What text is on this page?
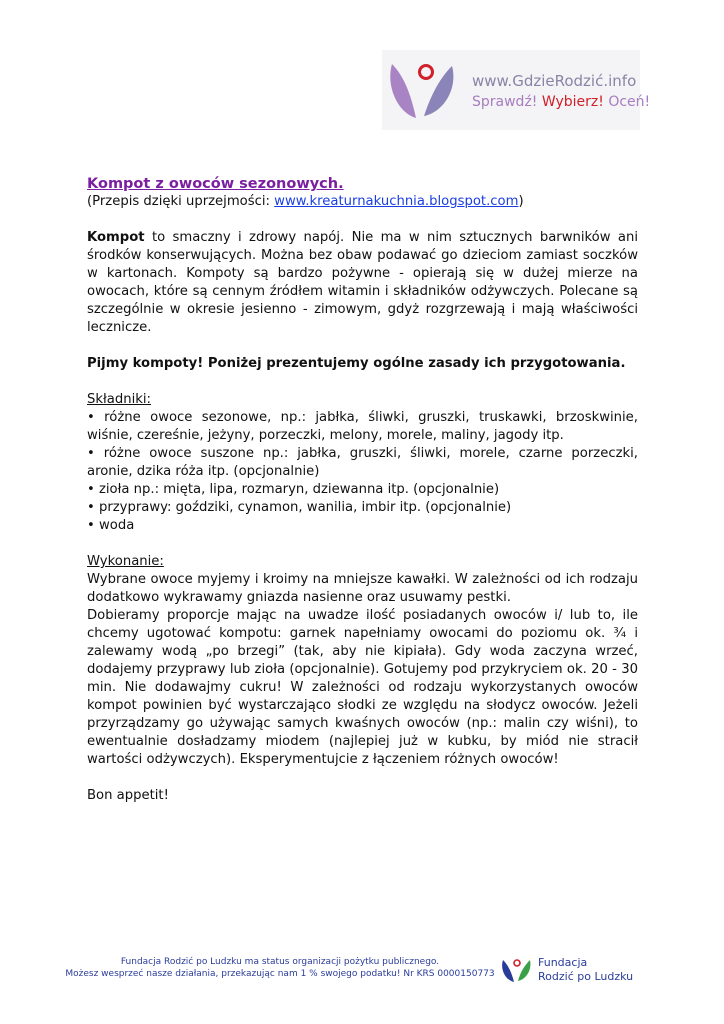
www.GdzieRodzić.info
Sprawdź! Wybierz! Oceń!

Kompot z owoców sezonowych.

(Przepis dzięki uprzejmości: www.kreaturnakuchnia.blogspot.com)

Kompot to smaczny i zdrowy napój. Nie ma w nim sztucznych barwników ani środków konserwujących. Można bez obaw podawać go dzieciom zamiast soczków w kartonach. Kompoty są bardzo pożywne - opierają się w dużej mierze na owocach, które są cennym źródłem witamin i składników odżywczych. Polecane są szczególnie w okresie jesienno - zimowym, gdyż rozgrzewają i mają właściwości lecznicze.

Pijmy kompoty! Poniżej prezentujemy ogólne zasady ich przygotowania.

Składniki:

• różne owoce sezonowe, np.: jabłka, śliwki, gruszki, truskawki, brzoskwinie, wiśnie, czereśnie, jeżyny, porzeczki, melony, morele, maliny, jagody itp.

• różne owoce suszone np.: jabłka, gruszki, śliwki, morele, czarne porzeczki, aronie, dzika róża itp. (opcjonalnie)

• zioła np.: mięta, lipa, rozmaryn, dziewanna itp. (opcjonalnie)

• przyprawy: goździki, cynamon, wanilia, imbir itp. (opcjonalnie)

• woda

Wykonanie:

Wybrane owoce myjemy i kroimy na mniejsze kawałki. W zależności od ich rodzaju dodatkowo wykrawamy gniazda nasienne oraz usuwamy pestki.

Dobieramy proporcje mając na uwadze ilość posiadanych owoców i/ lub to, ile chcemy ugotować kompotu: garnek napełniamy owocami do poziomu ok. ¾ i zalewamy wodą „po brzegi” (tak, aby nie kipiała). Gdy woda zaczyna wrzeć, dodajemy przyprawy lub zioła (opcjonalnie). Gotujemy pod przykryciem ok. 20 - 30 min. Nie dodawajmy cukru! W zależności od rodzaju wykorzystanych owoców kompot powinien być wystarczająco słodki ze względu na słodycz owoców. Jeżeli przyrządzamy go używając samych kwaśnych owoców (np.: malin czy wiśni), to ewentualnie dosładzamy miodem (najlepiej już w kubku, by miód nie stracił wartości odżywczych). Eksperymentujcie z łączeniem różnych owoców!

Bon appetit!

Fundacja Rodzić po Ludzku ma status organizacji pożytku publicznego.
Możesz wesprzeć nasze działania, przekazując nam 1 % swojego podatku! Nr KRS 0000150773
Fundacja
Rodzić po Ludzku
